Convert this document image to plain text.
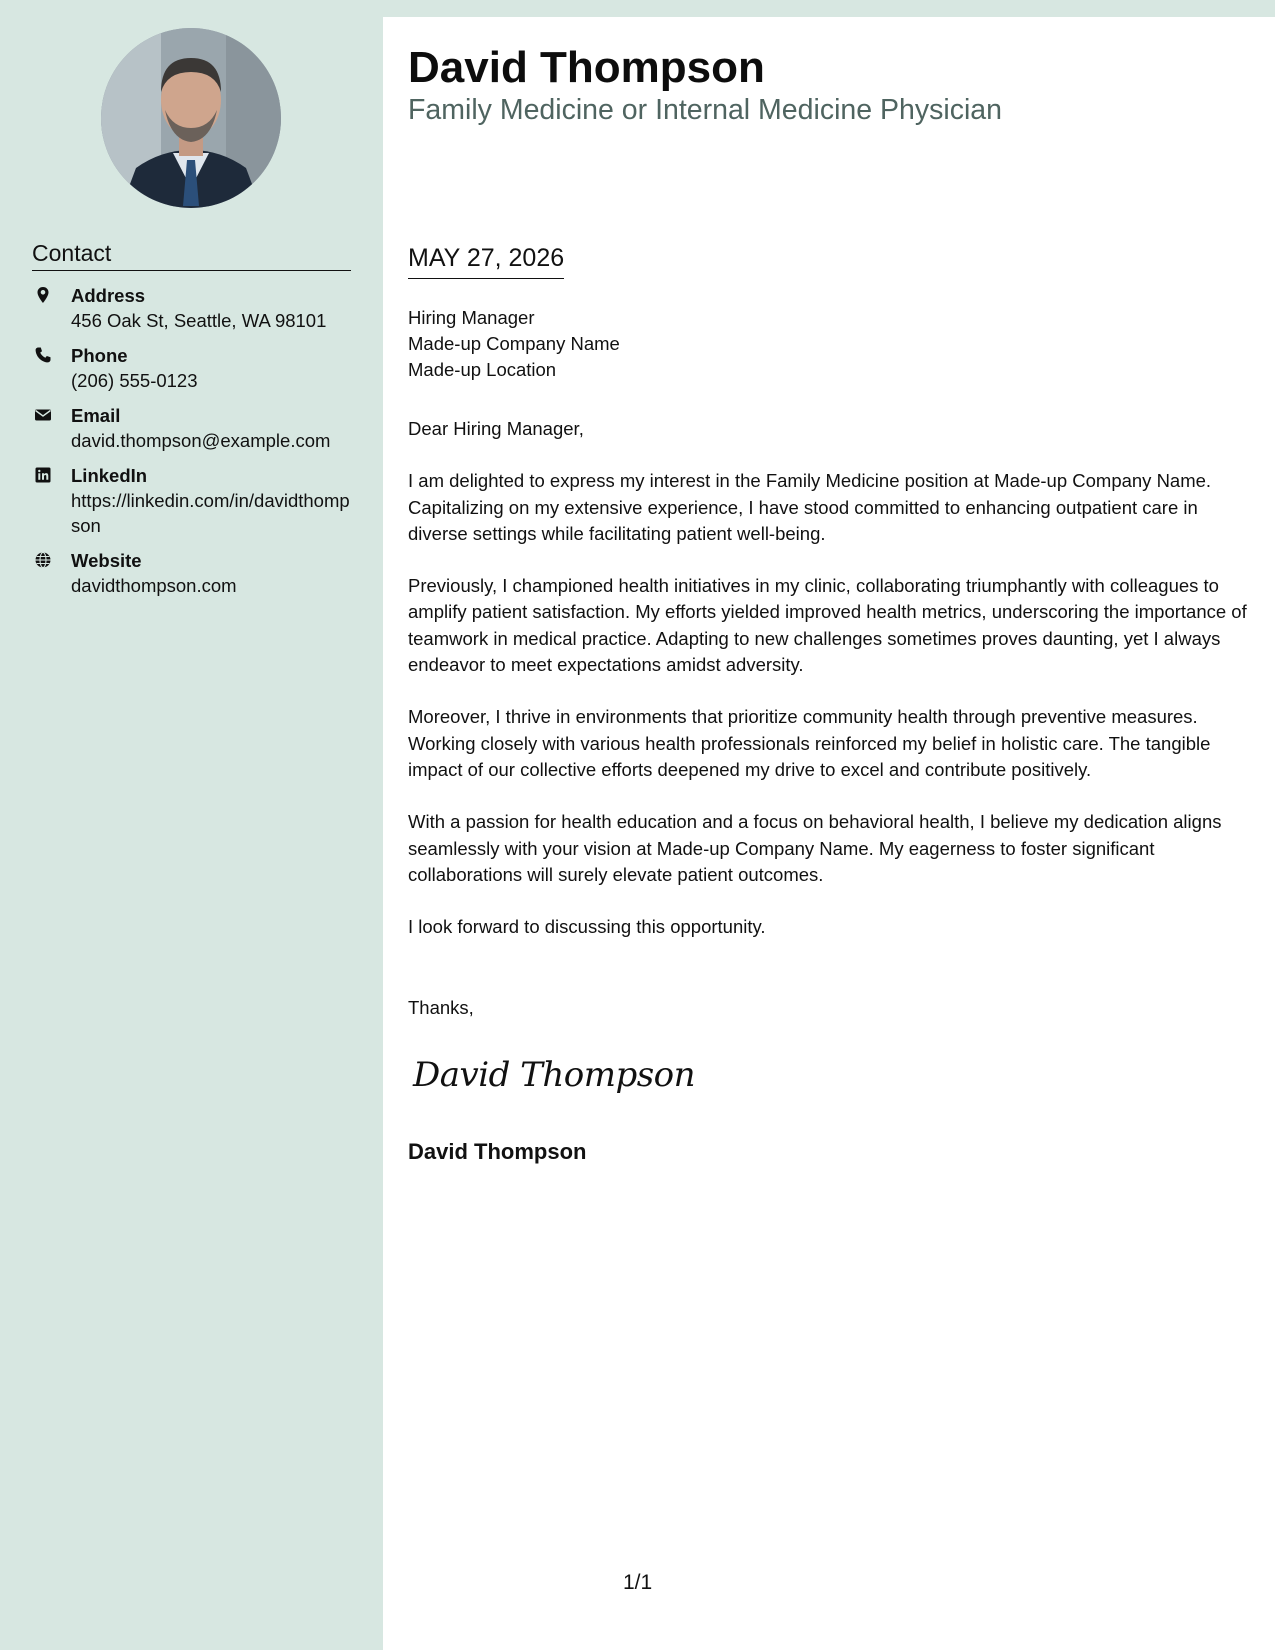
Contact
Address
456 Oak St, Seattle, WA 98101
Phone
(206) 555-0123
Email
david.thompson@example.com
LinkedIn
https://linkedin.com/in/davidthompson
Website
davidthompson.com
David Thompson
Family Medicine or Internal Medicine Physician
MAY 27, 2026
Hiring Manager
Made-up Company Name
Made-up Location

Dear Hiring Manager,

I am delighted to express my interest in the Family Medicine position at Made-up Company Name. Capitalizing on my extensive experience, I have stood committed to enhancing outpatient care in diverse settings while facilitating patient well-being.

Previously, I championed health initiatives in my clinic, collaborating triumphantly with colleagues to amplify patient satisfaction. My efforts yielded improved health metrics, underscoring the importance of teamwork in medical practice. Adapting to new challenges sometimes proves daunting, yet I always endeavor to meet expectations amidst adversity.

Moreover, I thrive in environments that prioritize community health through preventive measures. Working closely with various health professionals reinforced my belief in holistic care. The tangible impact of our collective efforts deepened my drive to excel and contribute positively.

With a passion for health education and a focus on behavioral health, I believe my dedication aligns seamlessly with your vision at Made-up Company Name. My eagerness to foster significant collaborations will surely elevate patient outcomes.

I look forward to discussing this opportunity.

Thanks,
David Thompson
David Thompson
1/1
